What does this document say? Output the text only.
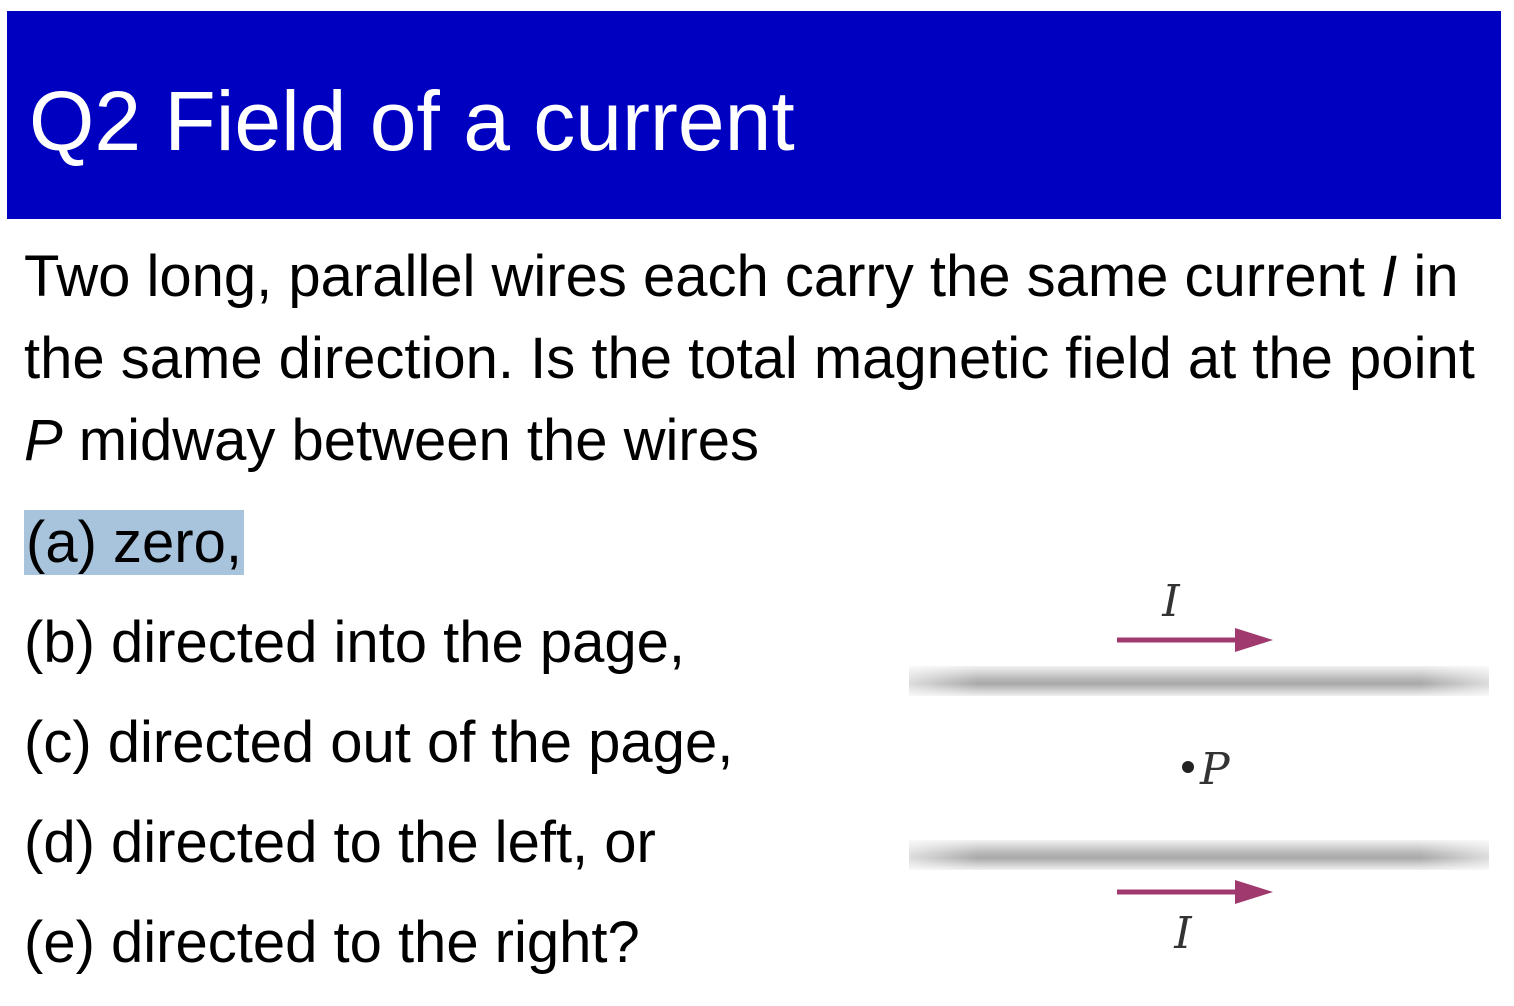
Q2 Field of a current

Two long, parallel wires each carry the same current I in the same direction. Is the total magnetic field at the point P midway between the wires

(a) zero,
(b) directed into the page,
(c) directed out of the page,
(d) directed to the left, or
(e) directed to the right?
I
P
I
